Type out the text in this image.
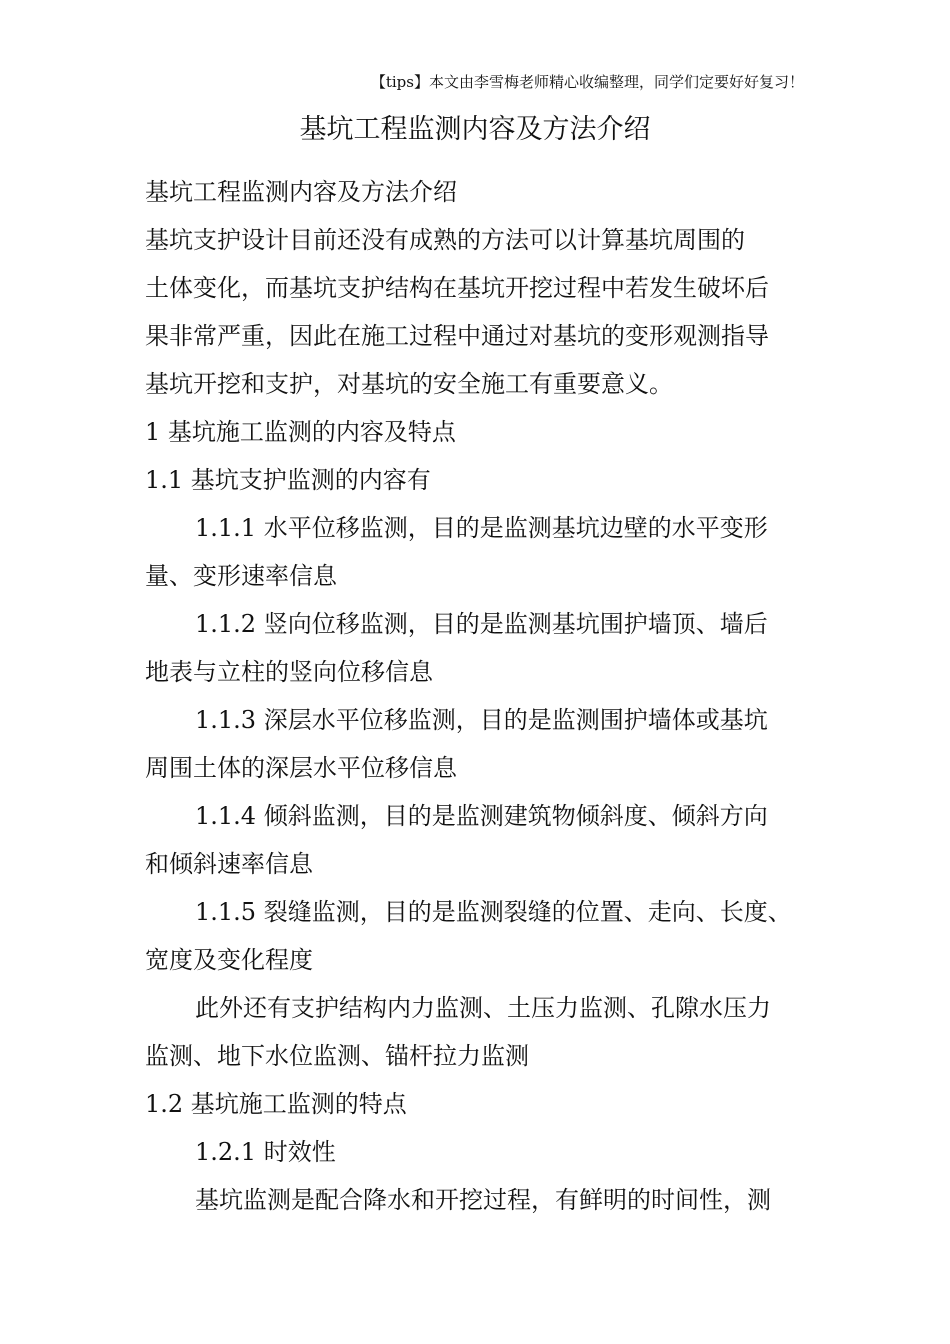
【tips】本文由李雪梅老师精心收编整理，同学们定要好好复习！
基坑工程监测内容及方法介绍
基坑工程监测内容及方法介绍
基坑支护设计目前还没有成熟的方法可以计算基坑周围的
土体变化，而基坑支护结构在基坑开挖过程中若发生破坏后
果非常严重，因此在施工过程中通过对基坑的变形观测指导
基坑开挖和支护，对基坑的安全施工有重要意义。
1 基坑施工监测的内容及特点
1.1 基坑支护监测的内容有
1.1.1 水平位移监测，目的是监测基坑边壁的水平变形
量、变形速率信息
1.1.2 竖向位移监测，目的是监测基坑围护墙顶、墙后
地表与立柱的竖向位移信息
1.1.3 深层水平位移监测，目的是监测围护墙体或基坑
周围土体的深层水平位移信息
1.1.4 倾斜监测，目的是监测建筑物倾斜度、倾斜方向
和倾斜速率信息
1.1.5 裂缝监测，目的是监测裂缝的位置、走向、长度、
宽度及变化程度
此外还有支护结构内力监测、土压力监测、孔隙水压力
监测、地下水位监测、锚杆拉力监测
1.2 基坑施工监测的特点
1.2.1 时效性
基坑监测是配合降水和开挖过程，有鲜明的时间性，测
